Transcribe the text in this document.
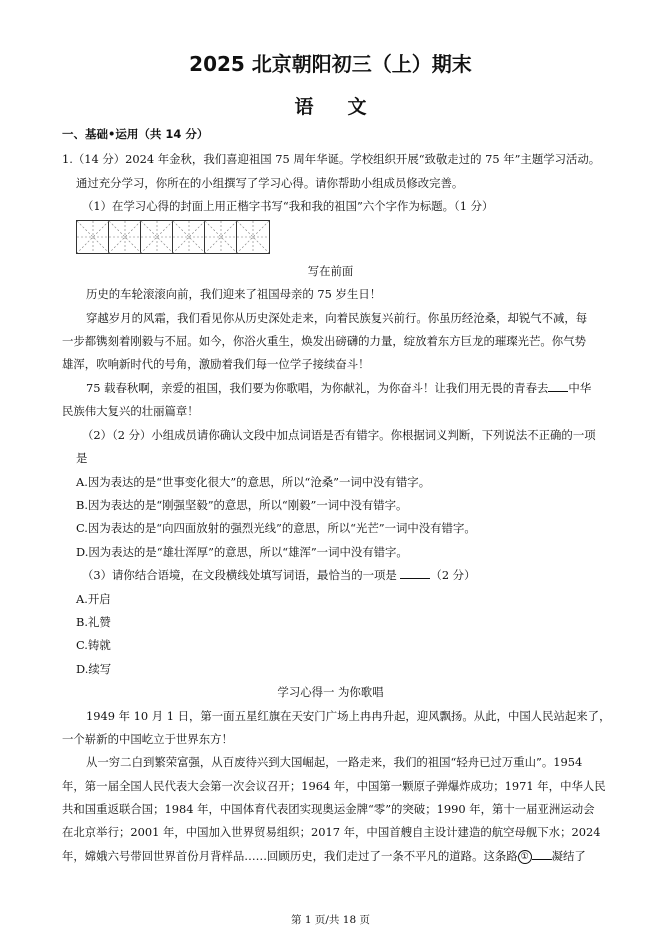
2025 北京朝阳初三（上）期末
语文
一、基础•运用（共 14 分）
1.（14 分）2024 年金秋，我们喜迎祖国 75 周年华诞。学校组织开展“致敬走过的 75 年”主题学习活动。
通过充分学习，你所在的小组撰写了学习心得。请你帮助小组成员修改完善。
（1）在学习心得的封面上用正楷字书写“我和我的祖国”六个字作为标题。（1 分）
写在前面
历史的车轮滚滚向前，我们迎来了祖国母亲的 75 岁生日！
穿越岁月的风霜，我们看见你从历史深处走来，向着民族复兴前行。你虽历经沧桑，却锐气不减，每
一步都镌刻着刚毅与不屈。如今，你浴火重生，焕发出磅礴的力量，绽放着东方巨龙的璀璨光芒。你气势
雄浑，吹响新时代的号角，激励着我们每一位学子接续奋斗！
75 载春秋啊，亲爱的祖国，我们要为你歌唱，为你献礼，为你奋斗！让我们用无畏的青春去 中华
民族伟大复兴的壮丽篇章！
（2）（2 分）小组成员请你确认文段中加点词语是否有错字。你根据词义判断，下列说法不正确的一项
是
A.因为表达的是“世事变化很大”的意思，所以“沧桑”一词中没有错字。
B.因为表达的是“刚强坚毅”的意思，所以“刚毅”一词中没有错字。
C.因为表达的是“向四面放射的强烈光线”的意思，所以“光芒”一词中没有错字。
D.因为表达的是“雄壮浑厚”的意思，所以“雄浑”一词中没有错字。
（3）请你结合语境，在文段横线处填写词语，最恰当的一项是	（2 分）
A.开启
B.礼赞
C.铸就
D.续写
学习心得一 为你歌唱
1949 年 10 月 1 日，第一面五星红旗在天安门广场上冉冉升起，迎风飘扬。从此，中国人民站起来了，
一个崭新的中国屹立于世界东方！
从一穷二白到繁荣富强，从百废待兴到大国崛起，一路走来，我们的祖国“轻舟已过万重山”。1954
年，第一届全国人民代表大会第一次会议召开；1964 年，中国第一颗原子弹爆炸成功；1971 年，中华人民
共和国重返联合国；1984 年，中国体育代表团实现奥运金牌“零”的突破；1990 年，第十一届亚洲运动会
在北京举行；2001 年，中国加入世界贸易组织；2017 年，中国首艘自主设计建造的航空母舰下水；2024
年，嫦娥六号带回世界首份月背样品……回顾历史，我们走过了一条不平凡的道路。这条路 ① 凝结了
第 1 页/共 18 页
